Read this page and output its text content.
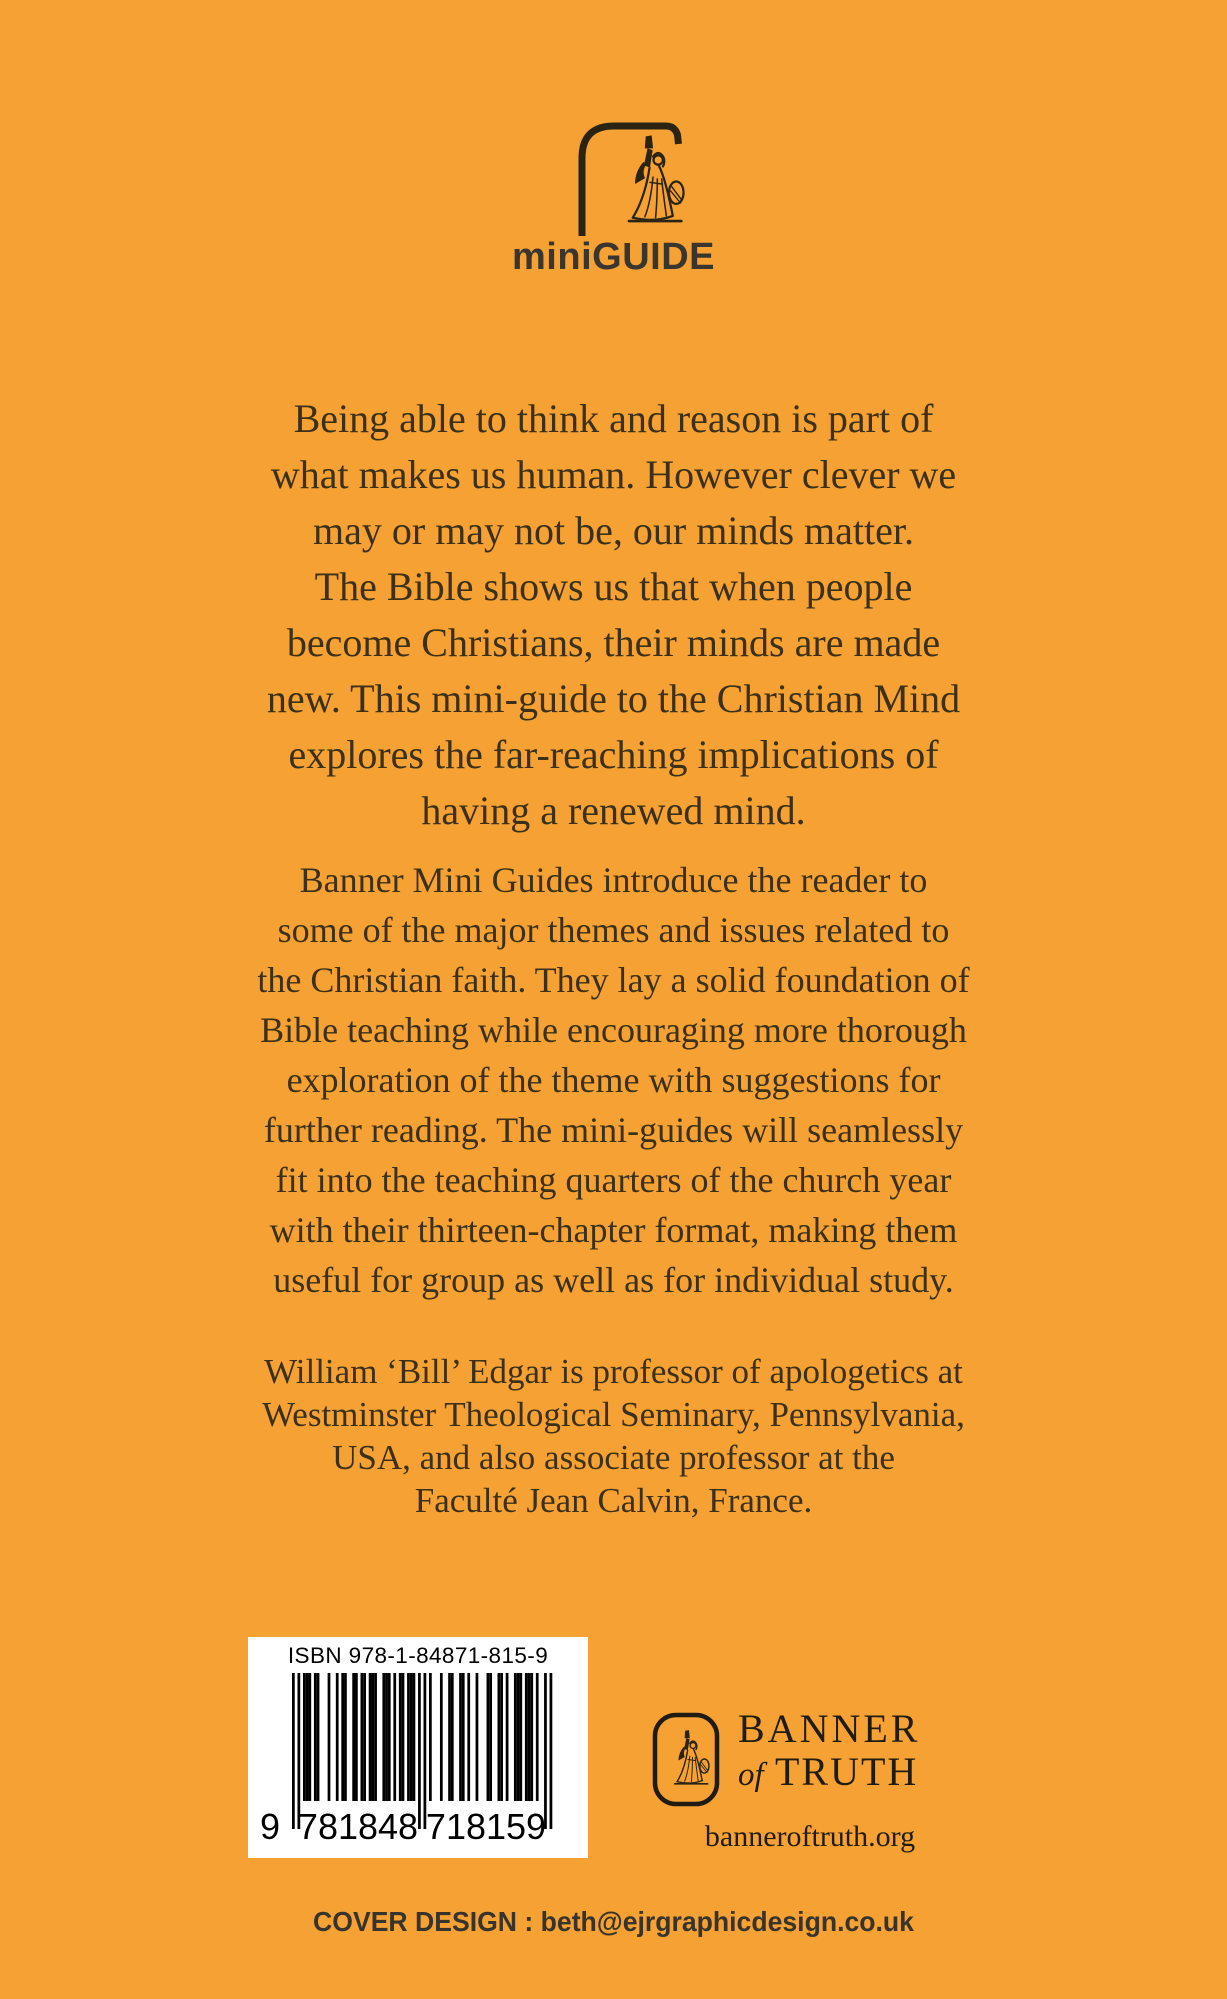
miniGUIDE
Being able to think and reason is part of
what makes us human. However clever we
may or may not be, our minds matter.
The Bible shows us that when people
become Christians, their minds are made
new. This mini-guide to the Christian Mind
explores the far-reaching implications of
having a renewed mind.
Banner Mini Guides introduce the reader to
some of the major themes and issues related to
the Christian faith. They lay a solid foundation of
Bible teaching while encouraging more thorough
exploration of the theme with suggestions for
further reading. The mini-guides will seamlessly
fit into the teaching quarters of the church year
with their thirteen-chapter format, making them
useful for group as well as for individual study.
William ‘Bill’ Edgar is professor of apologetics at
Westminster Theological Seminary, Pennsylvania,
USA, and also associate professor at the
Faculté Jean Calvin, France.
ISBN 978-1-84871-815-9
9 781848 718159
BANNER
of TRUTH
banneroftruth.org
COVER DESIGN : beth@ejrgraphicdesign.co.uk
